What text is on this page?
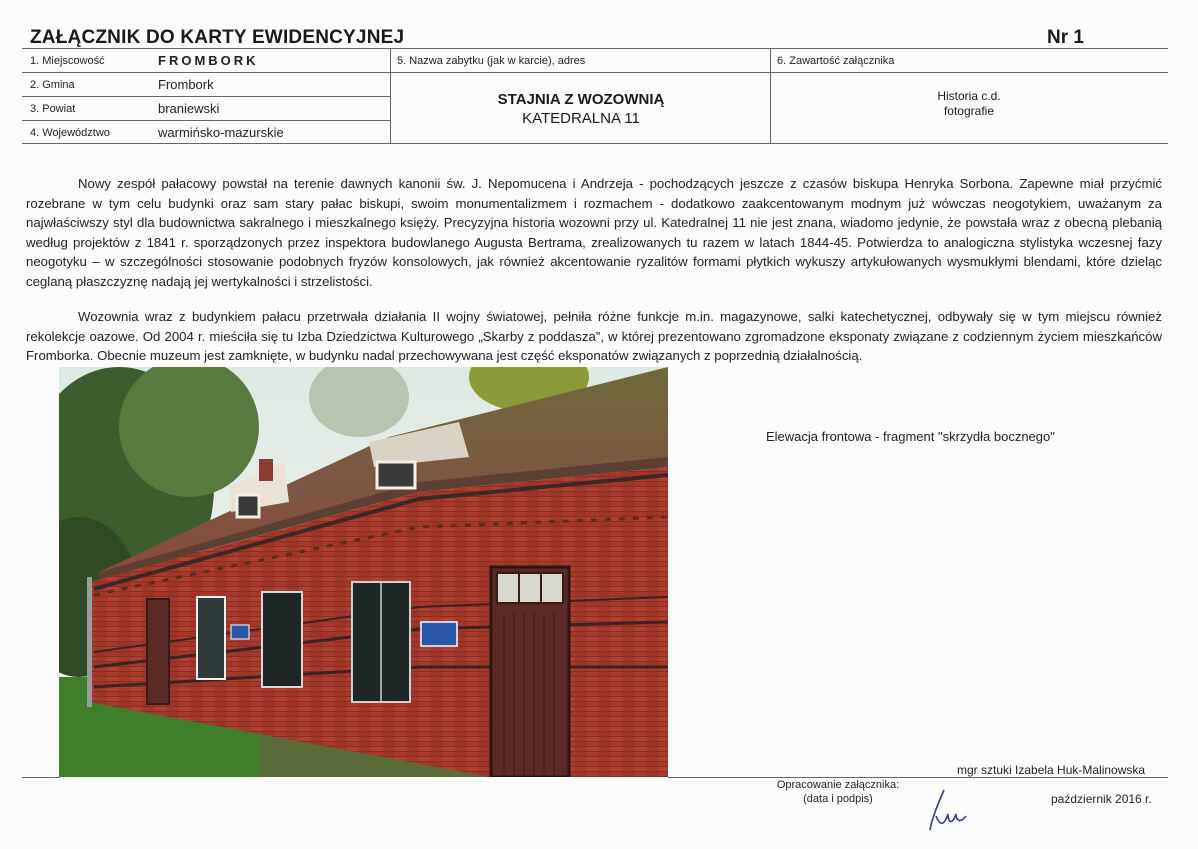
ZAŁĄCZNIK DO KARTY EWIDENCYJNEJ	Nr 1
1. Miejscowość	FROMBORK
2. Gmina	Frombork
3. Powiat	braniewski
4. Województwo	warmińsko-mazurskie
5. Nazwa zabytku (jak w karcie), adres
STAJNIA Z WOZOWNIĄ
KATEDRALNA 11
6. Zawartość załącznika
Historia c.d.
fotografie

Nowy zespół pałacowy powstał na terenie dawnych kanonii św. J. Nepomucena i Andrzeja - pochodzących jeszcze z czasów biskupa Henryka Sorbona. Zapewne miał przyćmić rozebrane w tym celu budynki oraz sam stary pałac biskupi, swoim monumentalizmem i rozmachem - dodatkowo zaakcentowanym modnym już wówczas neogotykiem, uważanym za najwłaściwszy styl dla budownictwa sakralnego i mieszkalnego księży. Precyzyjna historia wozowni przy ul. Katedralnej 11 nie jest znana, wiadomo jedynie, że powstała wraz z obecną plebanią według projektów z 1841 r. sporządzonych przez inspektora budowlanego Augusta Bertrama, zrealizowanych tu razem w latach 1844-45. Potwierdza to analogiczna stylistyka wczesnej fazy neogotyku – w szczególności stosowanie podobnych fryzów konsolowych, jak również akcentowanie ryzalitów formami płytkich wykuszy artykułowanych wysmukłymi blendami, które dzieląc ceglaną płaszczyznę nadają jej wertykalności i strzelistości.

Wozownia wraz z budynkiem pałacu przetrwała działania II wojny światowej, pełniła różne funkcje m.in. magazynowe, salki katechetycznej, odbywały się w tym miejscu również rekolekcje oazowe. Od 2004 r. mieściła się tu Izba Dziedzictwa Kulturowego „Skarby z poddasza”, w której prezentowano zgromadzone eksponaty związane z codziennym życiem mieszkańców Fromborka. Obecnie muzeum jest zamknięte, w budynku nadal przechowywana jest część eksponatów związanych z poprzednią działalnością.

Elewacja frontowa - fragment "skrzydła bocznego"
mgr sztuki Izabela Huk-Malinowska
Opracowanie załącznika:
(data i podpis)	październik 2016 r.
